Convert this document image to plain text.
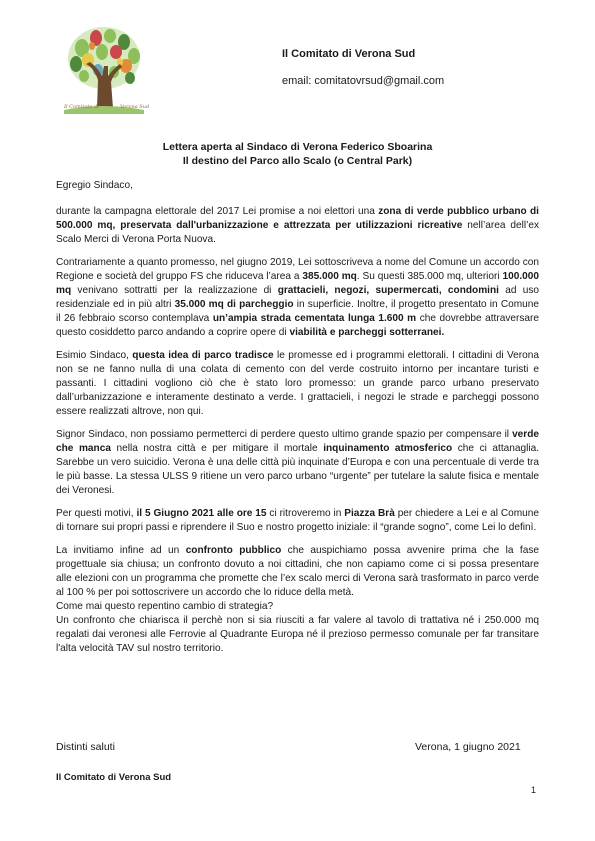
Il Comitato di	Verona Sud
Il Comitato di Verona Sud
email: comitatovrsud@gmail.com
Lettera aperta al Sindaco di Verona Federico Sboarina
Il destino del Parco allo Scalo (o Central Park)

Egregio Sindaco,

durante la campagna elettorale del 2017 Lei promise a noi elettori una zona di verde pubblico urbano di 500.000 mq, preservata dall'urbanizzazione e attrezzata per utilizzazioni ricreative nell’area dell’ex Scalo Merci di Verona Porta Nuova.

Contrariamente a quanto promesso, nel giugno 2019, Lei sottoscriveva a nome del Comune un accordo con Regione e società del gruppo FS che riduceva l’area a 385.000 mq. Su questi 385.000 mq, ulteriori 100.000 mq venivano sottratti per la realizzazione di grattacieli, negozi, supermercati, condomini ad uso residenziale ed in più altri 35.000 mq di parcheggio in superficie. Inoltre, il progetto presentato in Comune il 26 febbraio scorso contemplava un’ampia strada cementata lunga 1.600 m che dovrebbe attraversare questo cosiddetto parco andando a coprire opere di viabilità e parcheggi sotterranei.

Esimio Sindaco, questa idea di parco tradisce le promesse ed i programmi elettorali. I cittadini di Verona non se ne fanno nulla di una colata di cemento con del verde costruito intorno per incantare turisti e passanti. I cittadini vogliono ciò che è stato loro promesso: un grande parco urbano preservato dall’urbanizzazione e interamente destinato a verde. I grattacieli, i negozi le strade e parcheggi possono essere realizzati altrove, non qui.

Signor Sindaco, non possiamo permetterci di perdere questo ultimo grande spazio per compensare il verde che manca nella nostra città e per mitigare il mortale inquinamento atmosferico che ci attanaglia. Sarebbe un vero suicidio. Verona è una delle città più inquinate d’Europa e con una percentuale di verde tra le più basse. La stessa ULSS 9 ritiene un vero parco urbano “urgente” per tutelare la salute fisica e mentale dei Veronesi.

Per questi motivi, il 5 Giugno 2021 alle ore 15 ci ritroveremo in Piazza Brà per chiedere a Lei e al Comune di tornare sui propri passi e riprendere il Suo e nostro progetto iniziale: il “grande sogno”, come Lei lo definì.

La invitiamo infine ad un confronto pubblico che auspichiamo possa avvenire prima che la fase progettuale sia chiusa; un confronto dovuto a noi cittadini, che non capiamo come ci si possa presentare alle elezioni con un programma che promette che l’ex scalo merci di Verona sarà trasformato in parco verde al 100 % per poi sottoscrivere un accordo che lo riduce della metà.

Come mai questo repentino cambio di strategia?

Un confronto che chiarisca il perchè non si sia riusciti a far valere al tavolo di trattativa né i 250.000 mq regalati dai veronesi alle Ferrovie al Quadrante Europa né il prezioso permesso comunale per far transitare l'alta velocità TAV sul nostro territorio.

Distinti saluti	Verona, 1 giugno 2021
Il Comitato di Verona Sud
1
